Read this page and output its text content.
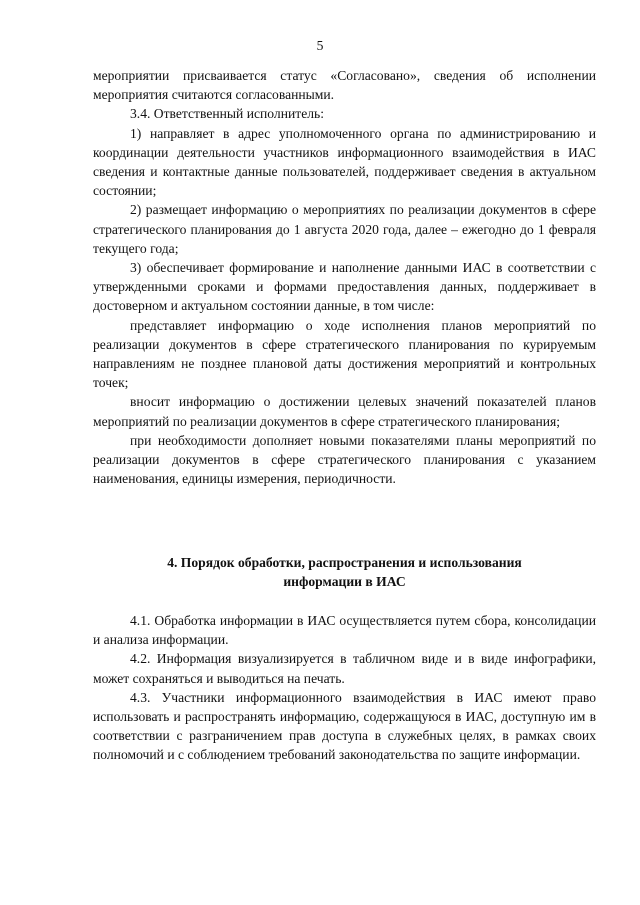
5

мероприятии присваивается статус «Согласовано», сведения об исполнении мероприятия считаются согласованными.

3.4. Ответственный исполнитель:

1) направляет в адрес уполномоченного органа по администрированию и координации деятельности участников информационного взаимодействия в ИАС сведения и контактные данные пользователей, поддерживает сведения в актуальном состоянии;

2) размещает информацию о мероприятиях по реализации документов в сфере стратегического планирования до 1 августа 2020 года, далее – ежегодно до 1 февраля текущего года;

3) обеспечивает формирование и наполнение данными ИАС в соответствии с утвержденными сроками и формами предоставления данных, поддерживает в достоверном и актуальном состоянии данные, в том числе:

представляет информацию о ходе исполнения планов мероприятий по реализации документов в сфере стратегического планирования по курируемым направлениям не позднее плановой даты достижения мероприятий и контрольных точек;

вносит информацию о достижении целевых значений показателей планов мероприятий по реализации документов в сфере стратегического планирования;

при необходимости дополняет новыми показателями планы мероприятий по реализации документов в сфере стратегического планирования с указанием наименования, единицы измерения, периодичности.

4. Порядок обработки, распространения и использования

информации в ИАС

4.1. Обработка информации в ИАС осуществляется путем сбора, консолидации и анализа информации.

4.2. Информация визуализируется в табличном виде и в виде инфографики, может сохраняться и выводиться на печать.

4.3. Участники информационного взаимодействия в ИАС имеют право использовать и распространять информацию, содержащуюся в ИАС, доступную им в соответствии с разграничением прав доступа в служебных целях, в рамках своих полномочий и с соблюдением требований законодательства по защите информации.
